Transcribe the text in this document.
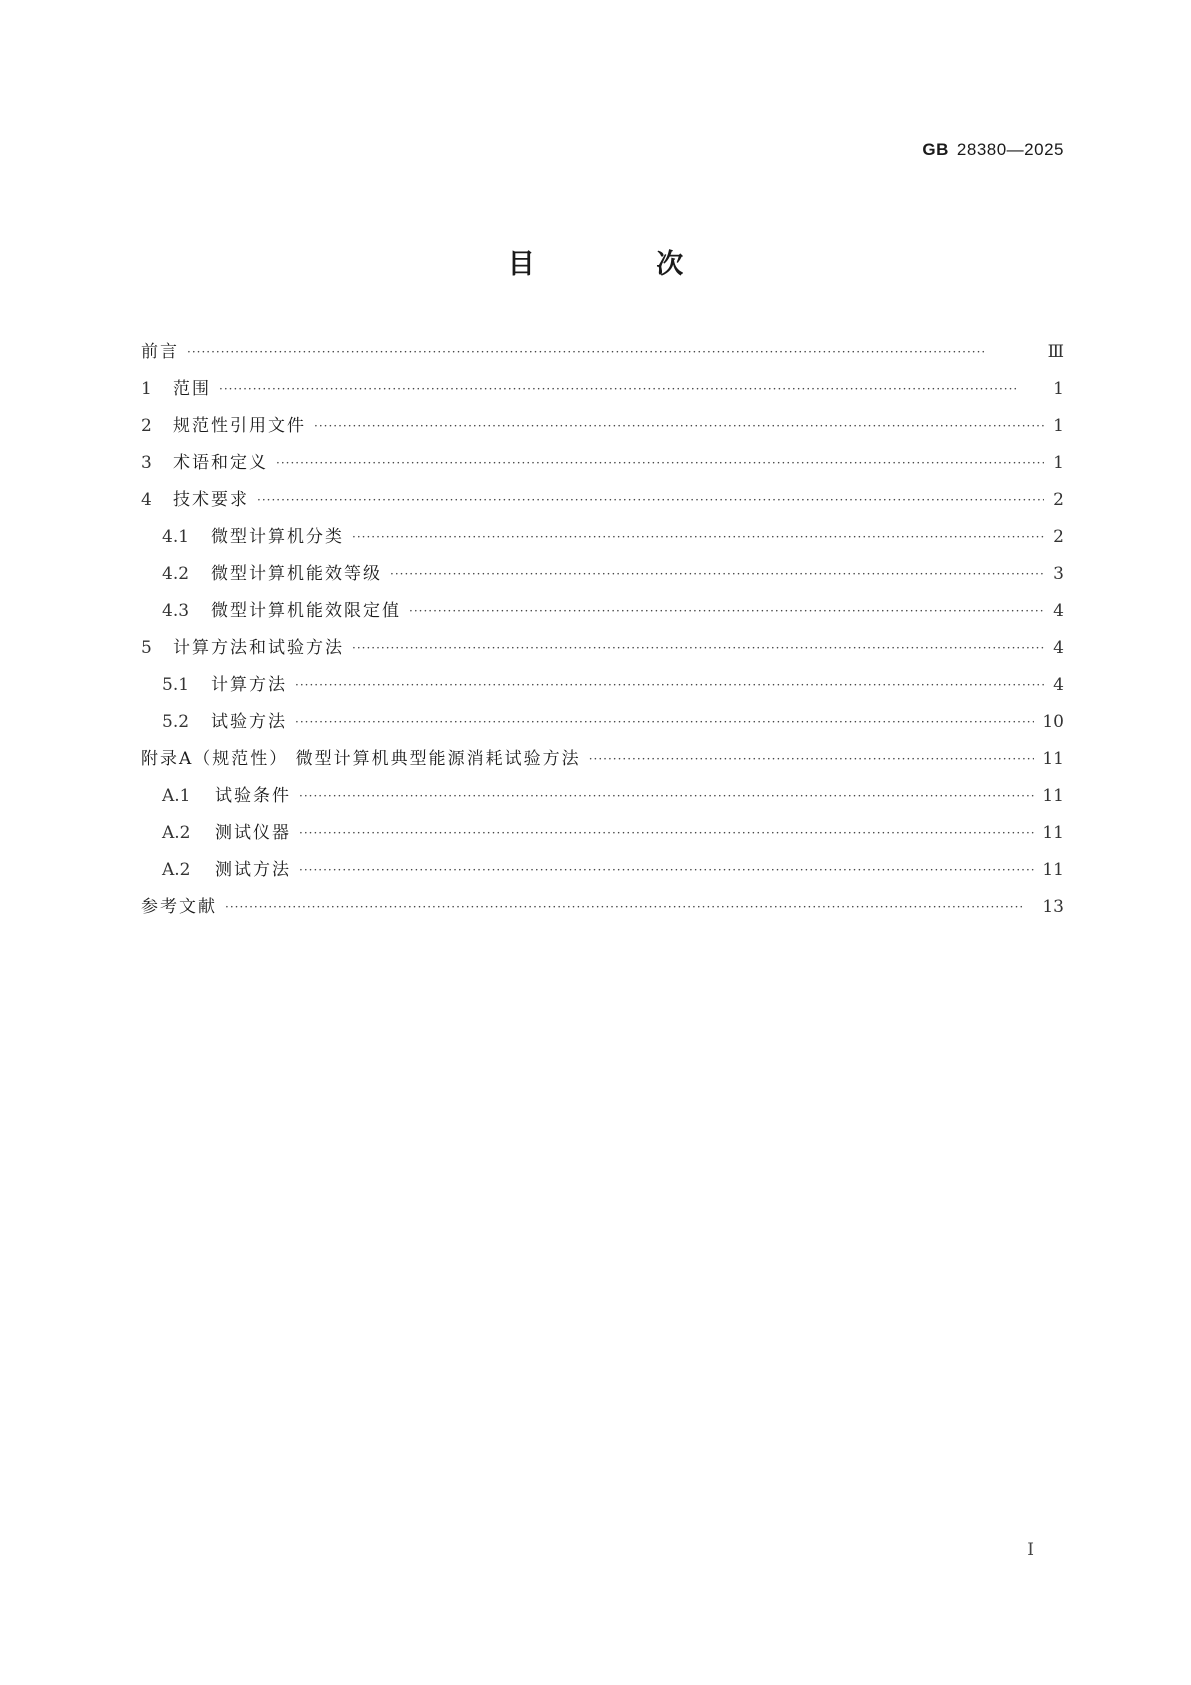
GB 28380—2025
目 次
前言 ·····	Ⅲ
1	范围 ·····	1
2	规范性引用文件 ·····	1
3	术语和定义 ·····	1
4	技术要求 ·····	2
4.1	微型计算机分类 ·····	2
4.2	微型计算机能效等级 ·····	3
4.3	微型计算机能效限定值 ·····	4
5	计算方法和试验方法 ·····	4
5.1	计算方法 ·····	4
5.2	试验方法 ·····	10
附录A（规范性） 微型计算机典型能源消耗试验方法 ·····	11
A.1	试验条件 ·····	11
A.2	测试仪器 ·····	11
A.2	测试方法 ·····	11
参考文献 ·····	13
Ⅰ
